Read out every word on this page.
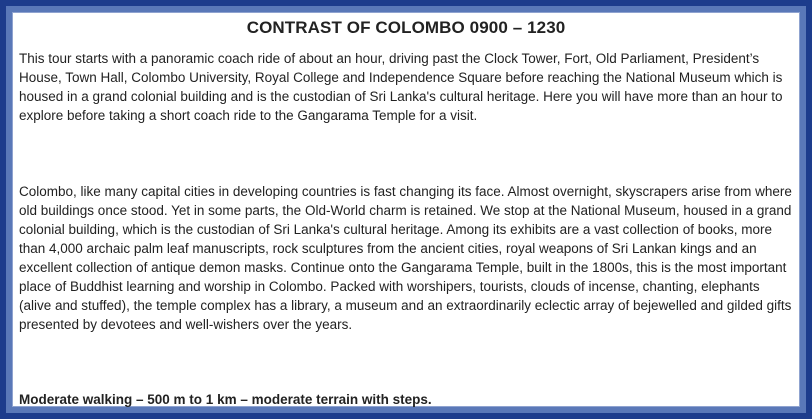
CONTRAST OF COLOMBO 0900 – 1230
This tour starts with a panoramic coach ride of about an hour, driving past the Clock Tower, Fort, Old Parliament, President’s House, Town Hall, Colombo University, Royal College and Independence Square before reaching the National Museum which is housed in a grand colonial building and is the custodian of Sri Lanka's cultural heritage. Here you will have more than an hour to explore before taking a short coach ride to the Gangarama Temple for a visit.
Colombo, like many capital cities in developing countries is fast changing its face. Almost overnight, skyscrapers arise from where old buildings once stood. Yet in some parts, the Old-World charm is retained. We stop at the National Museum, housed in a grand colonial building, which is the custodian of Sri Lanka's cultural heritage. Among its exhibits are a vast collection of books, more than 4,000 archaic palm leaf manuscripts, rock sculptures from the ancient cities, royal weapons of Sri Lankan kings and an excellent collection of antique demon masks. Continue onto the Gangarama Temple, built in the 1800s, this is the most important place of Buddhist learning and worship in Colombo. Packed with worshipers, tourists, clouds of incense, chanting, elephants (alive and stuffed), the temple complex has a library, a museum and an extraordinarily eclectic array of bejewelled and gilded gifts presented by devotees and well-wishers over the years.
Moderate walking – 500 m to 1 km – moderate terrain with steps.
